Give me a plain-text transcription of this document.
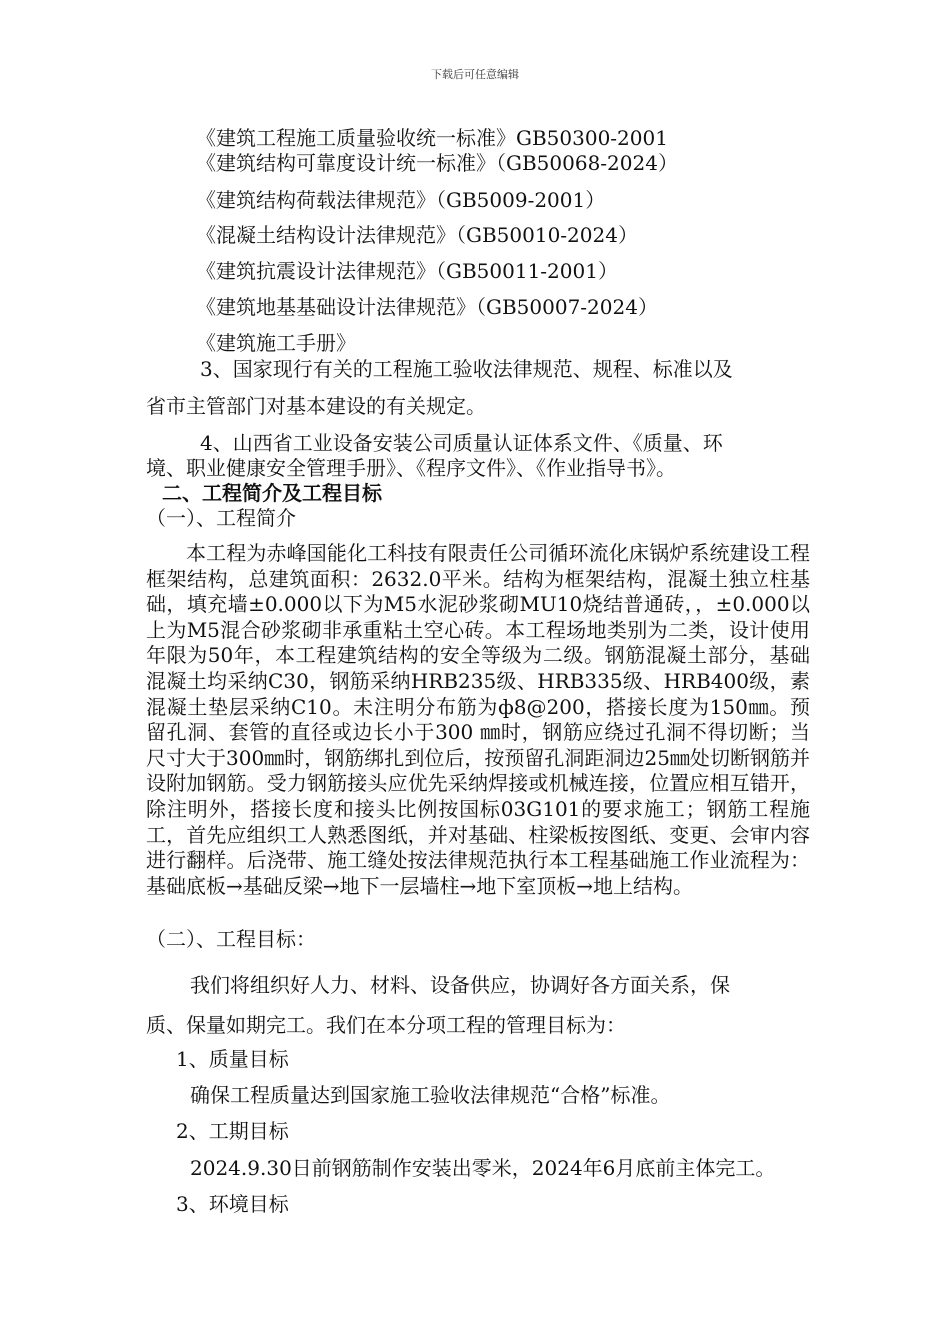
下载后可任意编辑
《建筑工程施工质量验收统一标准》GB50300-2001
《建筑结构可靠度设计统一标准》（GB50068-2024）
《建筑结构荷载法律规范》（GB5009-2001）
《混凝土结构设计法律规范》（GB50010-2024）
《建筑抗震设计法律规范》（GB50011-2001）
《建筑地基基础设计法律规范》（GB50007-2024）
《建筑施工手册》
3、国家现行有关的工程施工验收法律规范、规程、标准以及
省市主管部门对基本建设的有关规定。
4、山西省工业设备安装公司质量认证体系文件、《质量、环
境、职业健康安全管理手册》、《程序文件》、《作业指导书》。
二、工程简介及工程目标
（一）、工程简介
本工程为赤峰国能化工科技有限责任公司循环流化床锅炉系统建设工程框架结构，总建筑面积：2632.0平米。结构为框架结构，混凝土独立柱基础，填充墙±0.000以下为M5水泥砂浆砌MU10烧结普通砖，，±0.000以上为M5混合砂浆砌非承重粘土空心砖。本工程场地类别为二类，设计使用年限为50年，本工程建筑结构的安全等级为二级。钢筋混凝土部分，基础混凝土均采纳C30，钢筋采纳HRB235级、HRB335级、HRB400级，素混凝土垫层采纳C10。未注明分布筋为ф8@200，搭接长度为150㎜。预留孔洞、套管的直径或边长小于300 ㎜时，钢筋应绕过孔洞不得切断；当尺寸大于300㎜时，钢筋绑扎到位后，按预留孔洞距洞边25㎜处切断钢筋并设附加钢筋。受力钢筋接头应优先采纳焊接或机械连接，位置应相互错开，除注明外，搭接长度和接头比例按国标03G101的要求施工；钢筋工程施工，首先应组织工人熟悉图纸，并对基础、柱梁板按图纸、变更、会审内容进行翻样。后浇带、施工缝处按法律规范执行本工程基础施工作业流程为：基础底板→基础反梁→地下一层墙柱→地下室顶板→地上结构。
（二）、工程目标：
我们将组织好人力、材料、设备供应，协调好各方面关系，保
质、保量如期完工。我们在本分项工程的管理目标为：
1、质量目标
确保工程质量达到国家施工验收法律规范“合格”标准。
2、工期目标
2024.9.30日前钢筋制作安装出零米，2024年6月底前主体完工。
3、环境目标
